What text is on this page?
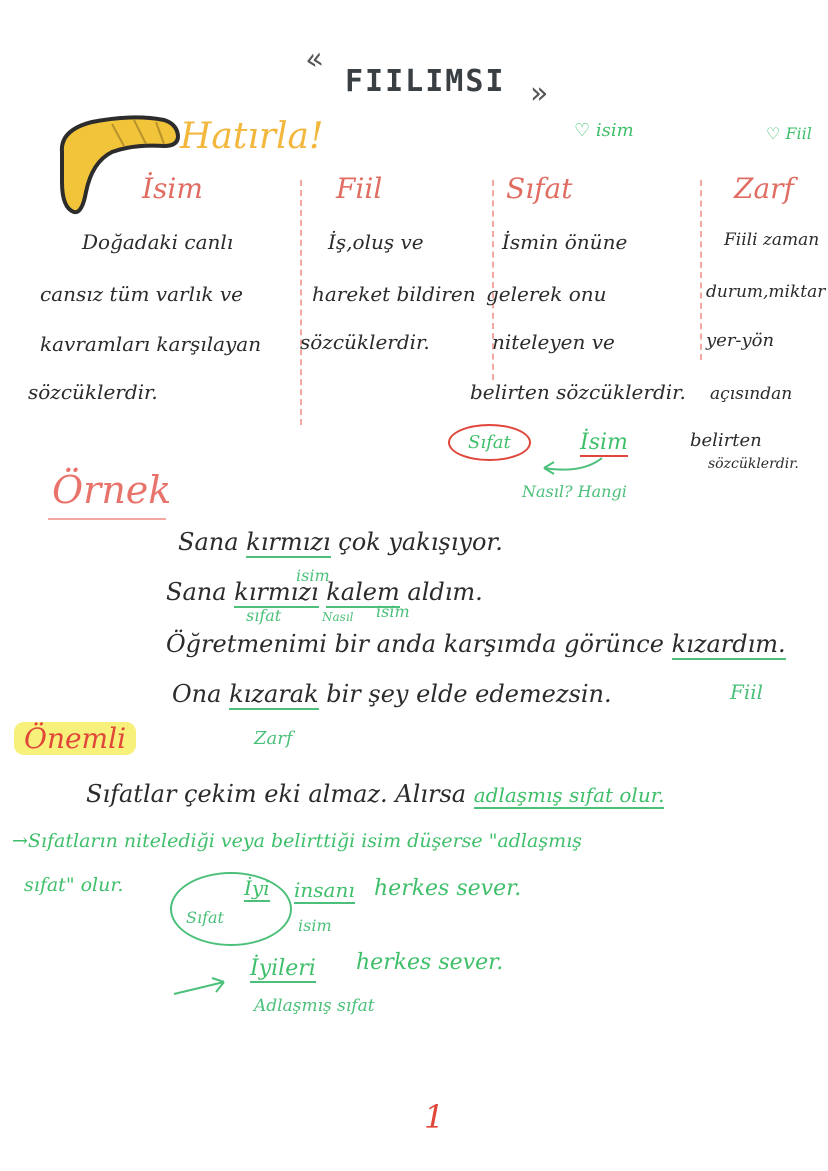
«
FIILIMSI »
Hatırla!
İsim
Doğadaki canlı
cansız tüm varlık ve
kavramları karşılayan
sözcüklerdir.
Fiil
İş,oluş ve
hareket bildiren
sözcüklerdir.
♡ isim
Sıfat
İsmin önüne
gelerek onu
niteleyen ve
belirten sözcüklerdir.
♡ Fiil
Zarf
Fiili zaman
durum,miktar
yer-yön
açısından
belirten
sözcüklerdir.
Sıfat	İsim
Nasıl? Hangi
Örnek
Sana kırmızı çok yakışıyor.
isim
Sana kırmızı kalem aldım.
sıfat	Nasıl isim
Öğretmenimi bir anda karşımda görünce kızardım.
Ona kızarak bir şey elde edemezsin.	Fiil
Zarf
Önemli
Sıfatlar çekim eki almaz. Alırsa adlaşmış sıfat olur.
→Sıfatların nitelediği veya belirttiği isim düşerse "adlaşmış
sıfat" olur.
Sıfat
İyi insanı
isim
herkes sever.
İyileri herkes sever.
Adlaşmış sıfat
1
